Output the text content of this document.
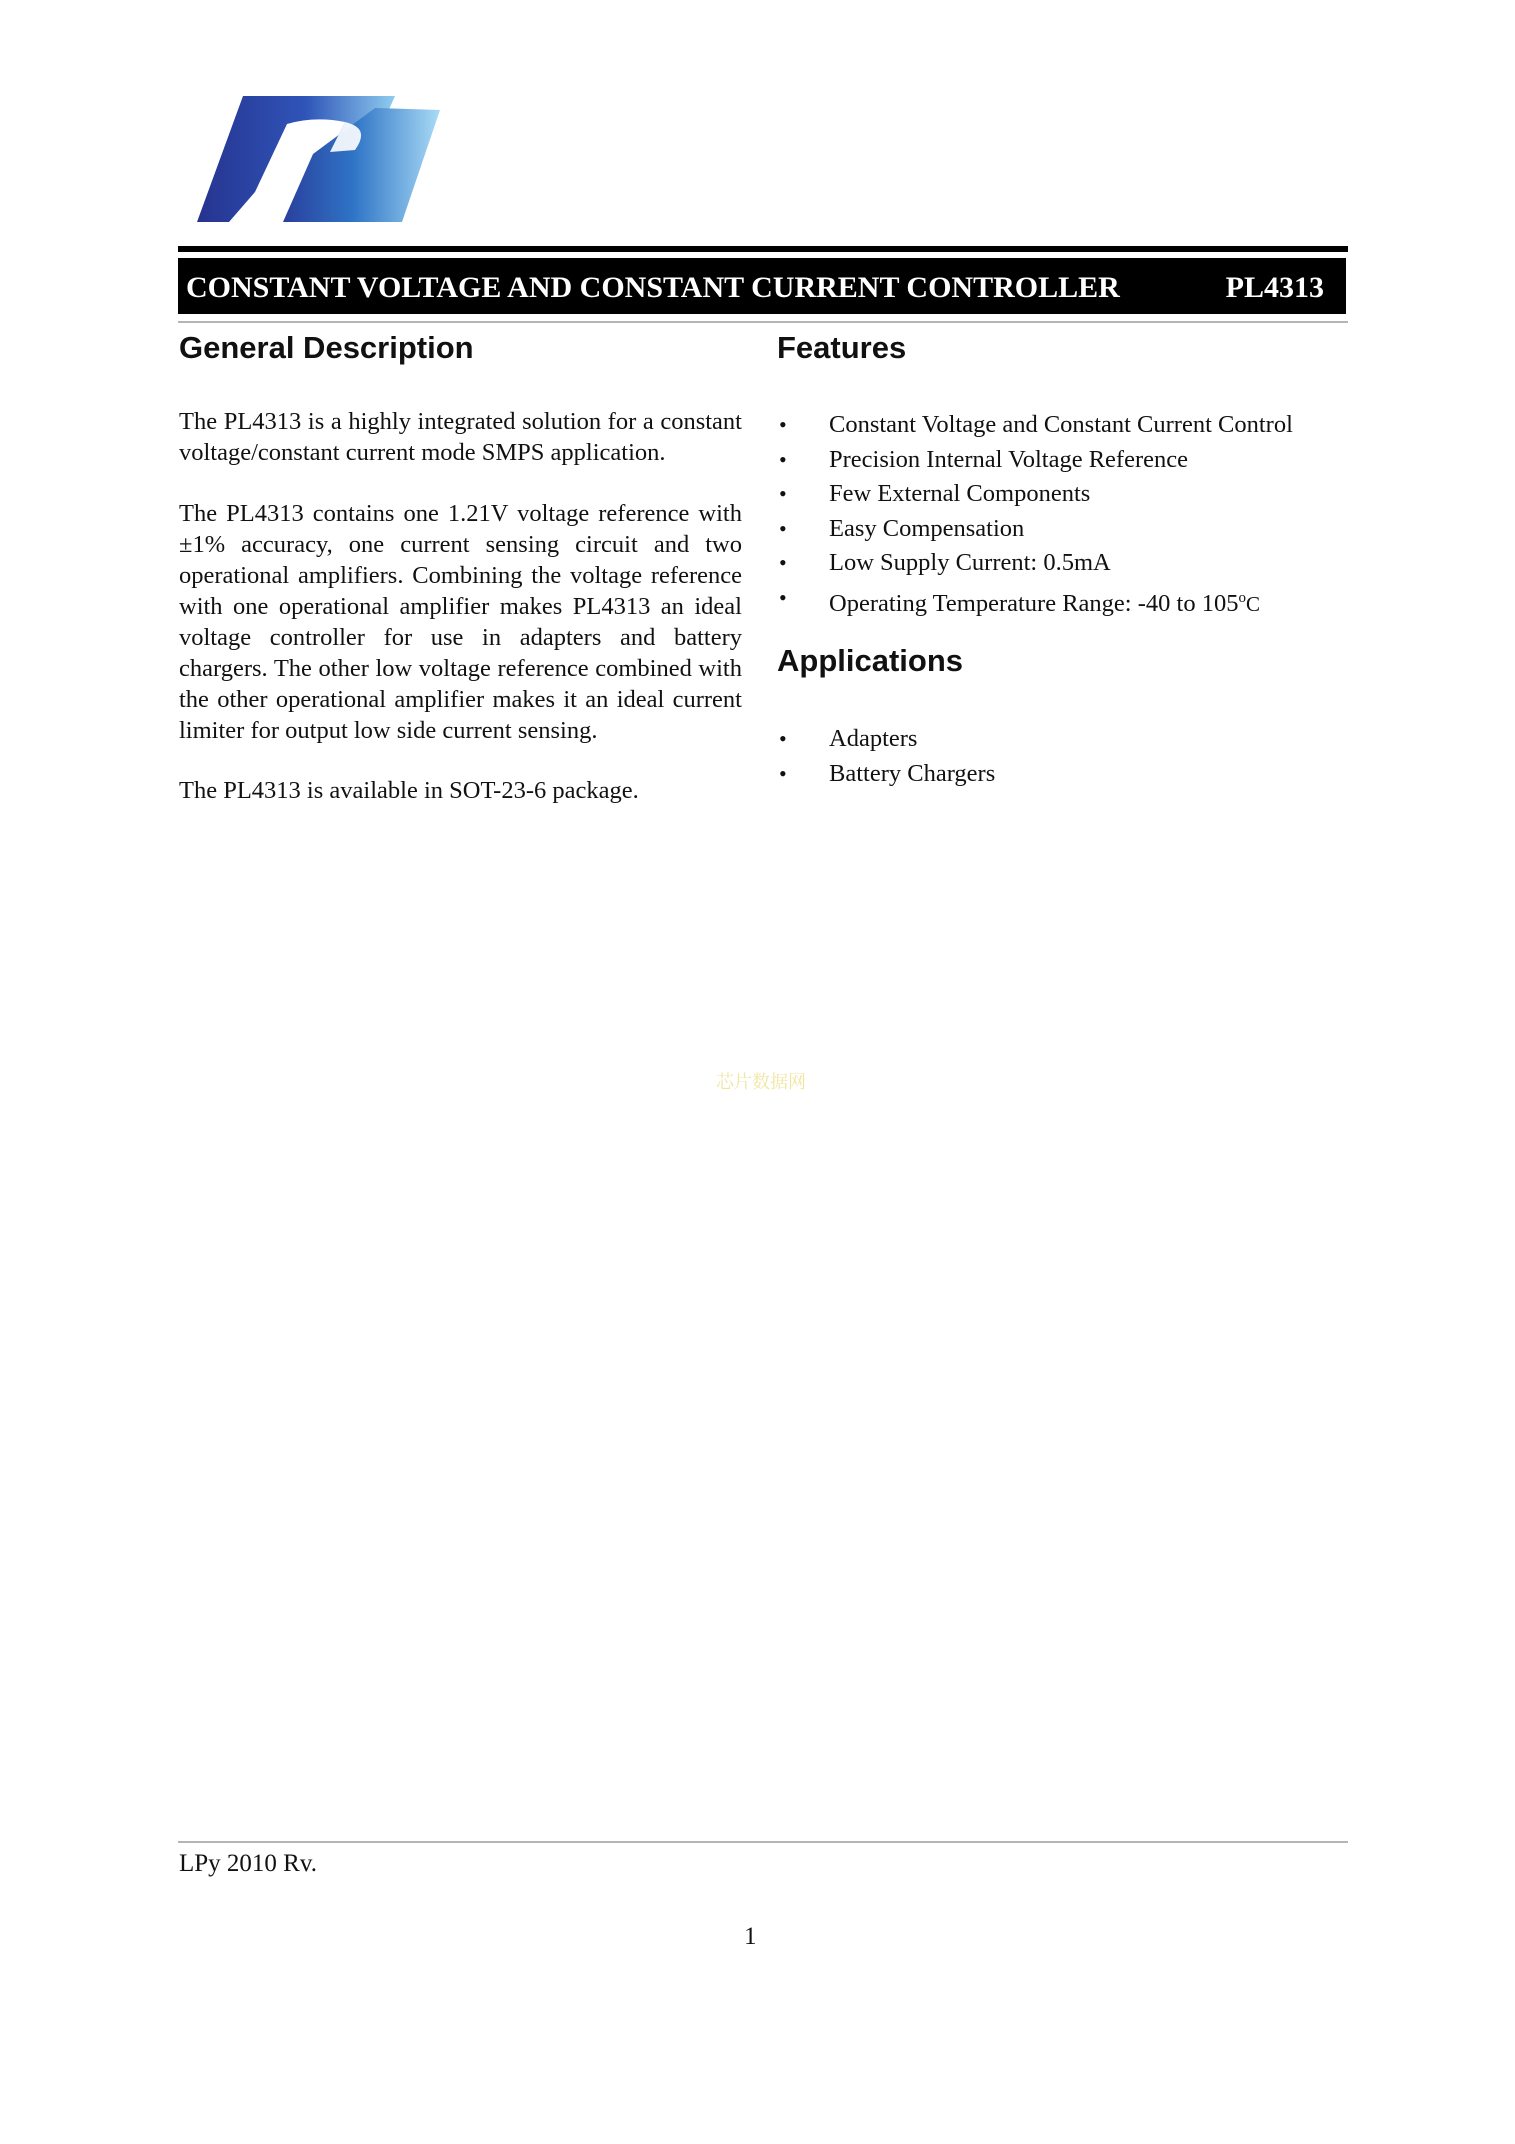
CONSTANT VOLTAGE AND CONSTANT CURRENT CONTROLLER	PL4313
General Description

The PL4313 is a highly integrated solution for a constant voltage/constant current mode SMPS application.

The PL4313 contains one 1.21V voltage reference with ±1% accuracy, one current sensing circuit and two operational amplifiers. Combining the voltage reference with one operational amplifier makes PL4313 an ideal voltage controller for use in adapters and battery chargers. The other low voltage reference combined with the other operational amplifier makes it an ideal current limiter for output low side current sensing.

The PL4313 is available in SOT-23-6 package.

Features
• Constant Voltage and Constant Current Control
• Precision Internal Voltage Reference
• Few External Components
• Easy Compensation
• Low Supply Current: 0.5mA
• Operating Temperature Range: -40 to 105$^o$C
Applications
• Adapters
• Battery Chargers
芯片数据网
LPy 2010 Rv.
1
